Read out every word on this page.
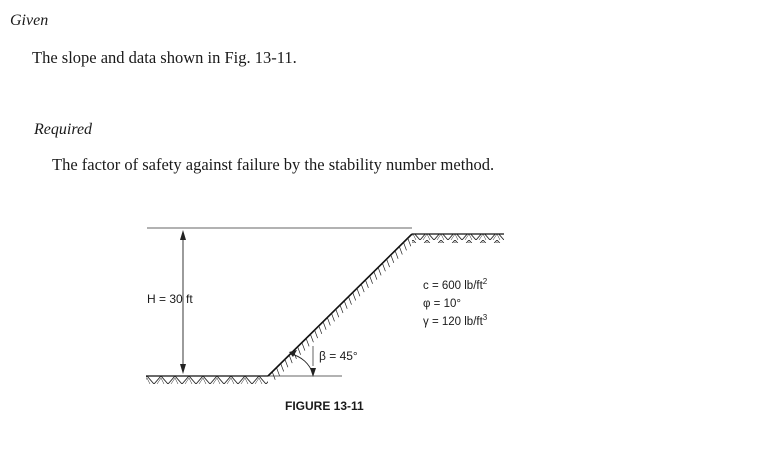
Given

The slope and data shown in Fig. 13-11.

Required

The factor of safety against failure by the stability number method.

H = 30 ft
β = 45°
c = 600 $lb/ft^2$
φ = 10°
γ = 120 $lb/ft^3$
FIGURE 13-11
